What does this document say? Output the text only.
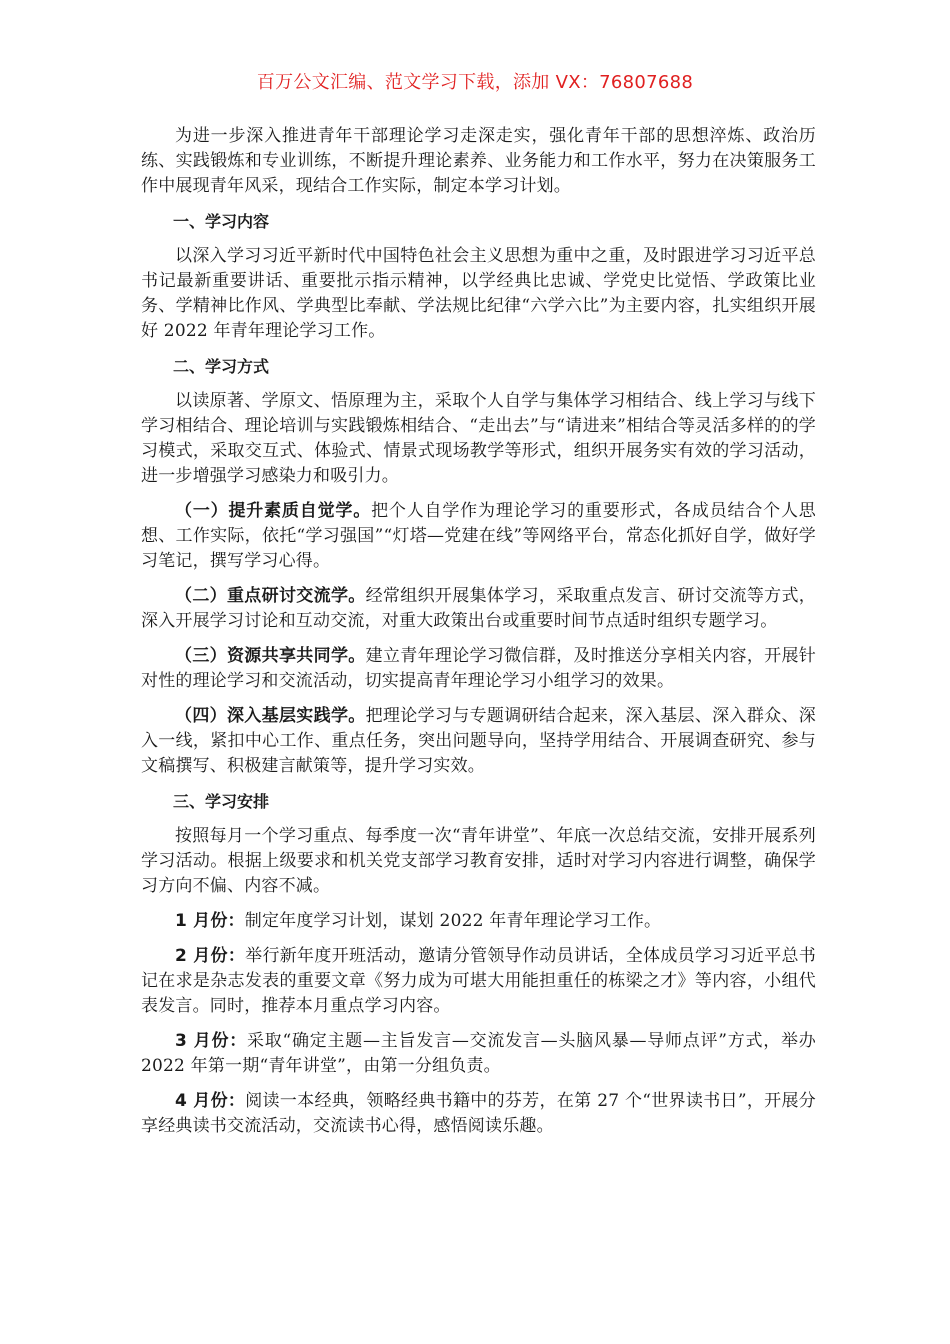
百万公文汇编、范文学习下载，添加 VX：76807688

为进一步深入推进青年干部理论学习走深走实，强化青年干部的思想淬炼、政治历练、实践锻炼和专业训练，不断提升理论素养、业务能力和工作水平，努力在决策服务工作中展现青年风采，现结合工作实际，制定本学习计划。

一、学习内容

以深入学习习近平新时代中国特色社会主义思想为重中之重，及时跟进学习习近平总书记最新重要讲话、重要批示指示精神，以学经典比忠诚、学党史比觉悟、学政策比业务、学精神比作风、学典型比奉献、学法规比纪律“六学六比”为主要内容，扎实组织开展好 2022 年青年理论学习工作。

二、学习方式

以读原著、学原文、悟原理为主，采取个人自学与集体学习相结合、线上学习与线下学习相结合、理论培训与实践锻炼相结合、“走出去”与“请进来”相结合等灵活多样的的学习模式，采取交互式、体验式、情景式现场教学等形式，组织开展务实有效的学习活动，进一步增强学习感染力和吸引力。

（一）提升素质自觉学。把个人自学作为理论学习的重要形式，各成员结合个人思想、工作实际，依托“学习强国”“灯塔—党建在线”等网络平台，常态化抓好自学，做好学习笔记，撰写学习心得。

（二）重点研讨交流学。经常组织开展集体学习，采取重点发言、研讨交流等方式，深入开展学习讨论和互动交流，对重大政策出台或重要时间节点适时组织专题学习。

（三）资源共享共同学。建立青年理论学习微信群，及时推送分享相关内容，开展针对性的理论学习和交流活动，切实提高青年理论学习小组学习的效果。

（四）深入基层实践学。把理论学习与专题调研结合起来，深入基层、深入群众、深入一线，紧扣中心工作、重点任务，突出问题导向，坚持学用结合、开展调查研究、参与文稿撰写、积极建言献策等，提升学习实效。

三、学习安排

按照每月一个学习重点、每季度一次“青年讲堂”、年底一次总结交流，安排开展系列学习活动。根据上级要求和机关党支部学习教育安排，适时对学习内容进行调整，确保学习方向不偏、内容不减。

1 月份：制定年度学习计划，谋划 2022 年青年理论学习工作。

2 月份：举行新年度开班活动，邀请分管领导作动员讲话，全体成员学习习近平总书记在求是杂志发表的重要文章《努力成为可堪大用能担重任的栋梁之才》等内容，小组代表发言。同时，推荐本月重点学习内容。

3 月份：采取“确定主题—主旨发言—交流发言—头脑风暴—导师点评”方式，举办 2022 年第一期“青年讲堂”，由第一分组负责。

4 月份：阅读一本经典，领略经典书籍中的芬芳，在第 27 个“世界读书日”，开展分享经典读书交流活动，交流读书心得，感悟阅读乐趣。
